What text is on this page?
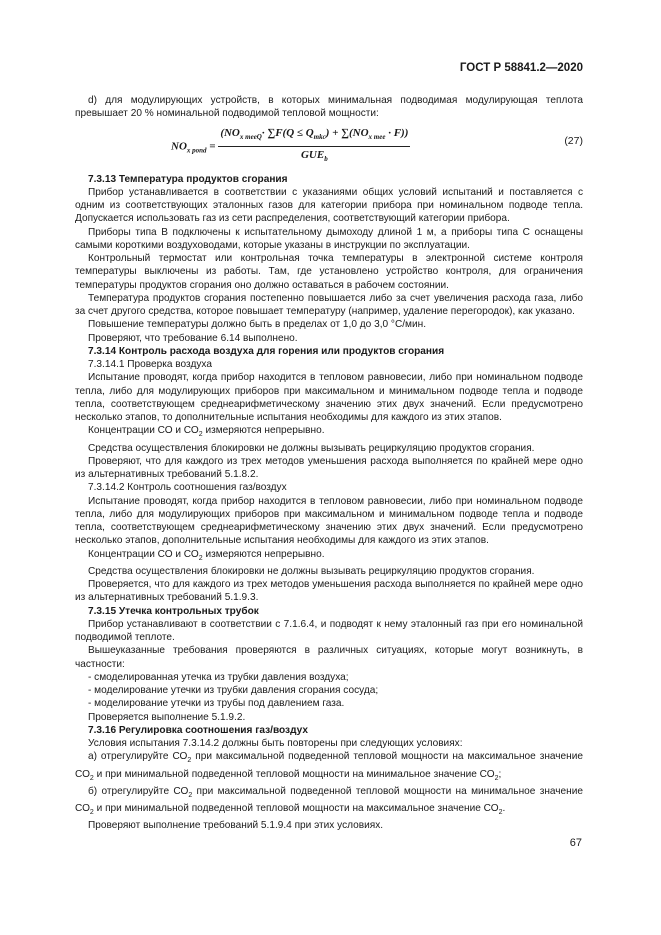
ГОСТ Р 58841.2—2020

d) для модулирующих устройств, в которых минимальная подводимая модулирующая теплота превышает 20 % номинальной подводимой тепловой мощности:

$NO_{x pond} = \frac{(NO_{x meeQ}\cdot \sum F(Q \le Q_{mkc}) + \sum(NO_{x mee} \cdot F))}{GUE_b}$	(27)

7.3.13 Температура продуктов сгорания

Прибор устанавливается в соответствии с указаниями общих условий испытаний и поставляется с одним из соответствующих эталонных газов для категории прибора при номинальном подводе тепла. Допускается использовать газ из сети распределения, соответствующий категории прибора.

Приборы типа В подключены к испытательному дымоходу длиной 1 м, а приборы типа С оснащены самыми короткими воздуховодами, которые указаны в инструкции по эксплуатации.

Контрольный термостат или контрольная точка температуры в электронной системе контроля температуры выключены из работы. Там, где установлено устройство контроля, для ограничения температуры продуктов сгорания оно должно оставаться в рабочем состоянии.

Температура продуктов сгорания постепенно повышается либо за счет увеличения расхода газа, либо за счет другого средства, которое повышает температуру (например, удаление перегородок), как указано.

Повышение температуры должно быть в пределах от 1,0 до 3,0 °С/мин.

Проверяют, что требование 6.14 выполнено.

7.3.14 Контроль расхода воздуха для горения или продуктов сгорания

7.3.14.1 Проверка воздуха

Испытание проводят, когда прибор находится в тепловом равновесии, либо при номинальном подводе тепла, либо для модулирующих приборов при максимальном и минимальном подводе тепла и подводе тепла, соответствующем среднеарифметическому значению этих двух значений. Если предусмотрено несколько этапов, то дополнительные испытания необходимы для каждого из этих этапов.

Концентрации СО и $СО_2$ измеряются непрерывно.

Средства осуществления блокировки не должны вызывать рециркуляцию продуктов сгорания.

Проверяют, что для каждого из трех методов уменьшения расхода выполняется по крайней мере одно из альтернативных требований 5.1.8.2.

7.3.14.2 Контроль соотношения газ/воздух

Испытание проводят, когда прибор находится в тепловом равновесии, либо при номинальном подводе тепла, либо для модулирующих приборов при максимальном и минимальном подводе тепла и подводе тепла, соответствующем среднеарифметическому значению этих двух значений. Если предусмотрено несколько этапов, дополнительные испытания необходимы для каждого из этих этапов.

Концентрации СО и $СО_2$ измеряются непрерывно.

Средства осуществления блокировки не должны вызывать рециркуляцию продуктов сгорания.

Проверяется, что для каждого из трех методов уменьшения расхода выполняется по крайней мере одно из альтернативных требований 5.1.9.3.

7.3.15 Утечка контрольных трубок

Прибор устанавливают в соответствии с 7.1.6.4, и подводят к нему эталонный газ при его номинальной подводимой теплоте.

Вышеуказанные требования проверяются в различных ситуациях, которые могут возникнуть, в частности:

- смоделированная утечка из трубки давления воздуха;

- моделирование утечки из трубки давления сгорания сосуда;

- моделирование утечки из трубы под давлением газа.

Проверяется выполнение 5.1.9.2.

7.3.16 Регулировка соотношения газ/воздух

Условия испытания 7.3.14.2 должны быть повторены при следующих условиях:

а) отрегулируйте $СО_2$ при максимальной подведенной тепловой мощности на максимальное значение $СО_2$ и при минимальной подведенной тепловой мощности на минимальное значение $СО_2$;

б) отрегулируйте $СО_2$ при максимальной подведенной тепловой мощности на минимальное значение $СО_2$ и при минимальной подведенной тепловой мощности на максимальное значение $СО_2$.

Проверяют выполнение требований 5.1.9.4 при этих условиях.

67
